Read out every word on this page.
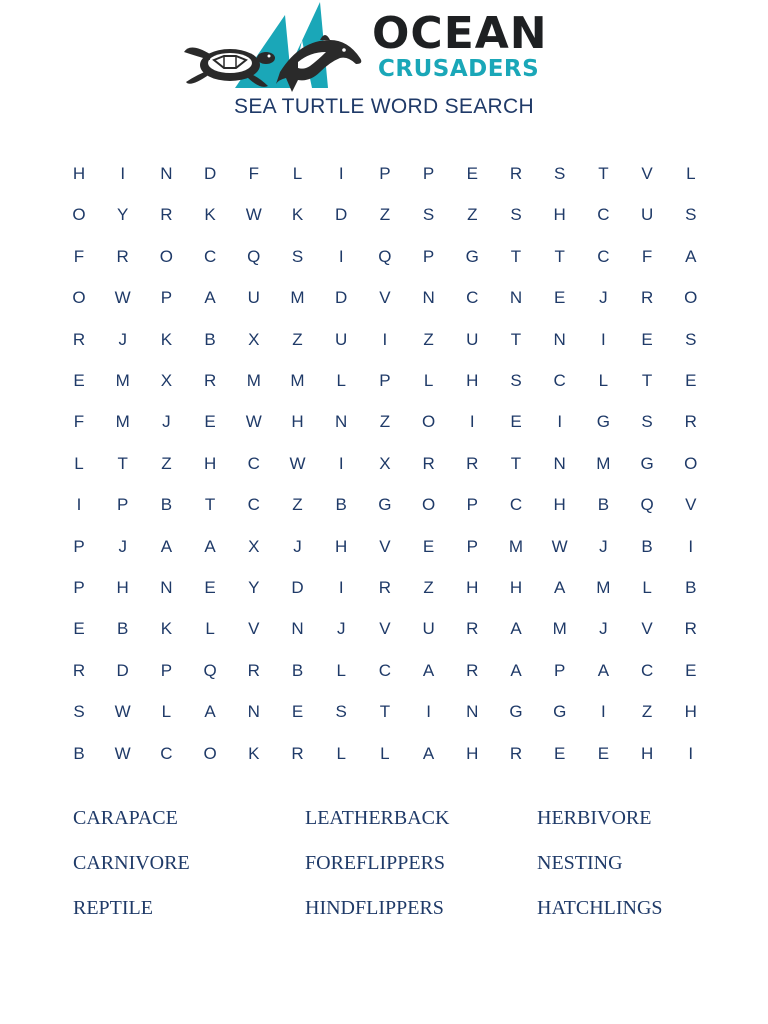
OCEAN
CRUSADERS
SEA TURTLE WORD SEARCH
H	I	N	D	F	L	I	P	P	E	R	S	T	V	L
O	Y	R	K	W	K	D	Z	S	Z	S	H	C	U	S
F	R	O	C	Q	S	I	Q	P	G	T	T	C	F	A
O	W	P	A	U	M	D	V	N	C	N	E	J	R	O
R	J	K	B	X	Z	U	I	Z	U	T	N	I	E	S
E	M	X	R	M	M	L	P	L	H	S	C	L	T	E
F	M	J	E	W	H	N	Z	O	I	E	I	G	S	R
L	T	Z	H	C	W	I	X	R	R	T	N	M	G	O
I	P	B	T	C	Z	B	G	O	P	C	H	B	Q	V
P	J	A	A	X	J	H	V	E	P	M	W	J	B	I
P	H	N	E	Y	D	I	R	Z	H	H	A	M	L	B
E	B	K	L	V	N	J	V	U	R	A	M	J	V	R
R	D	P	Q	R	B	L	C	A	R	A	P	A	C	E
S	W	L	A	N	E	S	T	I	N	G	G	I	Z	H
B	W	C	O	K	R	L	L	A	H	R	E	E	H	I
CARAPACE	LEATHERBACK	HERBIVORE
CARNIVORE	FOREFLIPPERS	NESTING
REPTILE	HINDFLIPPERS	HATCHLINGS
